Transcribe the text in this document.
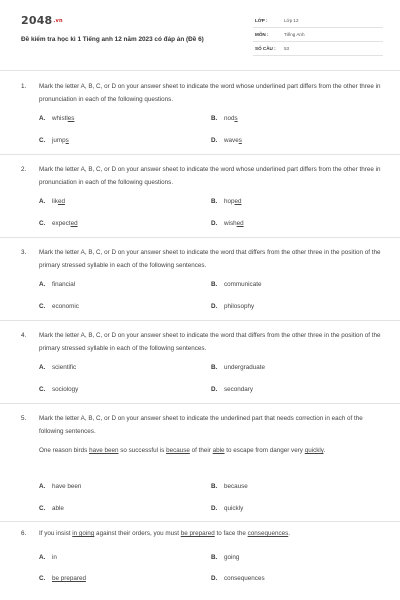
2048.vn
Đề kiểm tra học kì 1 Tiếng anh 12 năm 2023 có đáp án (Đề 6)
LỚP :	Lớp 12
MÔN :	Tiếng Anh
SỐ CÂU : 53
1. Mark the letter A, B, C, or D on your answer sheet to indicate the word whose underlined part differs from the other three in pronunciation in each of the following questions.
A. whistles	B. nods
C. jumps	D. waves
2. Mark the letter A, B, C, or D on your answer sheet to indicate the word whose underlined part differs from the other three in pronunciation in each of the following questions.
A. liked	B. hoped
C. expected	D. wished
3. Mark the letter A, B, C, or D on your answer sheet to indicate the word that differs from the other three in the position of the primary stressed syllable in each of the following sentences.
A. financial	B. communicate
C. economic	D. philosophy
4. Mark the letter A, B, C, or D on your answer sheet to indicate the word that differs from the other three in the position of the primary stressed syllable in each of the following sentences.
A. scientific	B. undergraduate
C. sociology	D. secondary
5. Mark the letter A, B, C, or D on your answer sheet to indicate the underlined part that needs correction in each of the following sentences.
One reason birds have been so successful is because of their able to escape from danger very quickly.
A. have been	B. because
C. able	D. quickly
6. If you insist in going against their orders, you must be prepared to face the consequences.
A. in	B. going
C. be prepared	D. consequences
